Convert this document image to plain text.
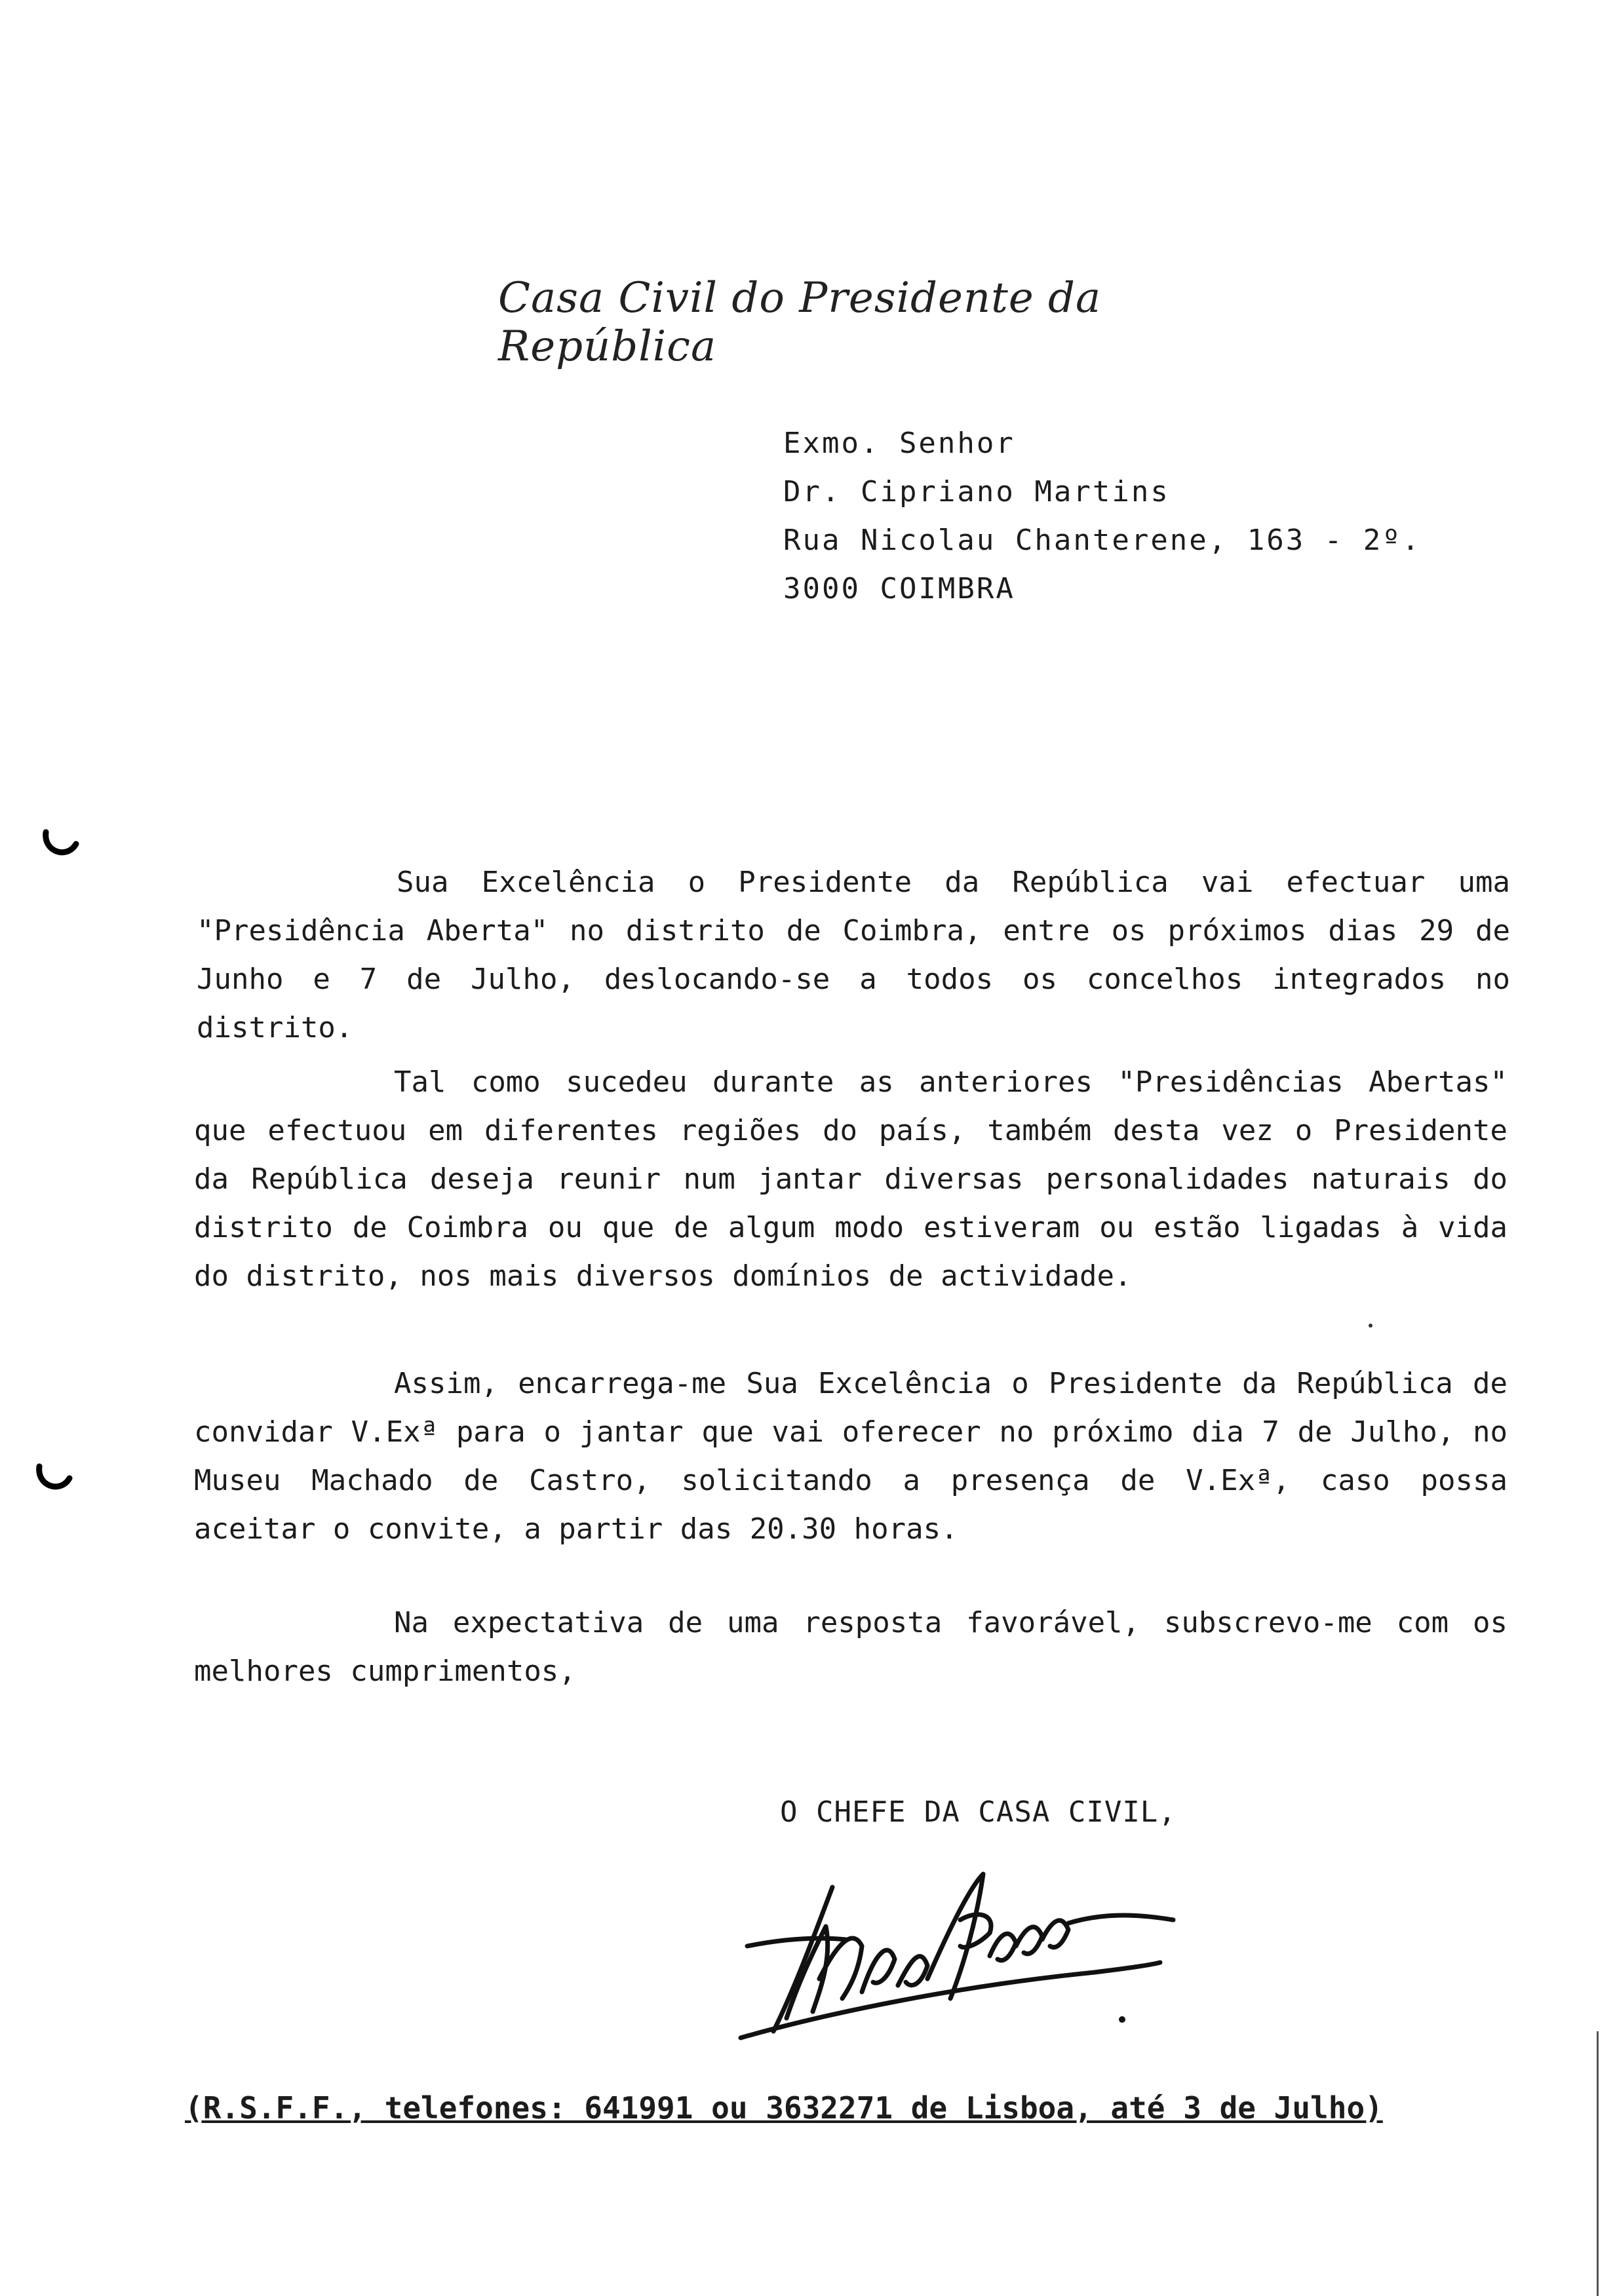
Casa Civil do Presidente da República
Exmo. Senhor
Dr. Cipriano Martins
Rua Nicolau Chanterene, 163 - 2º.
3000 COIMBRA

Sua Excelência o Presidente da República vai efectuar uma "Presidência Aberta" no distrito de Coimbra, entre os próximos dias 29 de Junho e 7 de Julho, deslocando-se a todos os concelhos integrados no distrito.

Tal como sucedeu durante as anteriores "Presidências Abertas" que efectuou em diferentes regiões do país, também desta vez o Presidente da República deseja reunir num jantar diversas personalidades naturais do distrito de Coimbra ou que de algum modo estiveram ou estão ligadas à vida do distrito, nos mais diversos domínios de actividade.

Assim, encarrega-me Sua Excelência o Presidente da República de convidar V.Exª para o jantar que vai oferecer no próximo dia 7 de Julho, no Museu Machado de Castro, solicitando a presença de V.Exª, caso possa aceitar o convite, a partir das 20.30 horas.

Na expectativa de uma resposta favorável, subscrevo-me com os melhores cumprimentos,

O CHEFE DA CASA CIVIL,
(R.S.F.F., telefones: 641991 ou 3632271 de Lisboa, até 3 de Julho)
